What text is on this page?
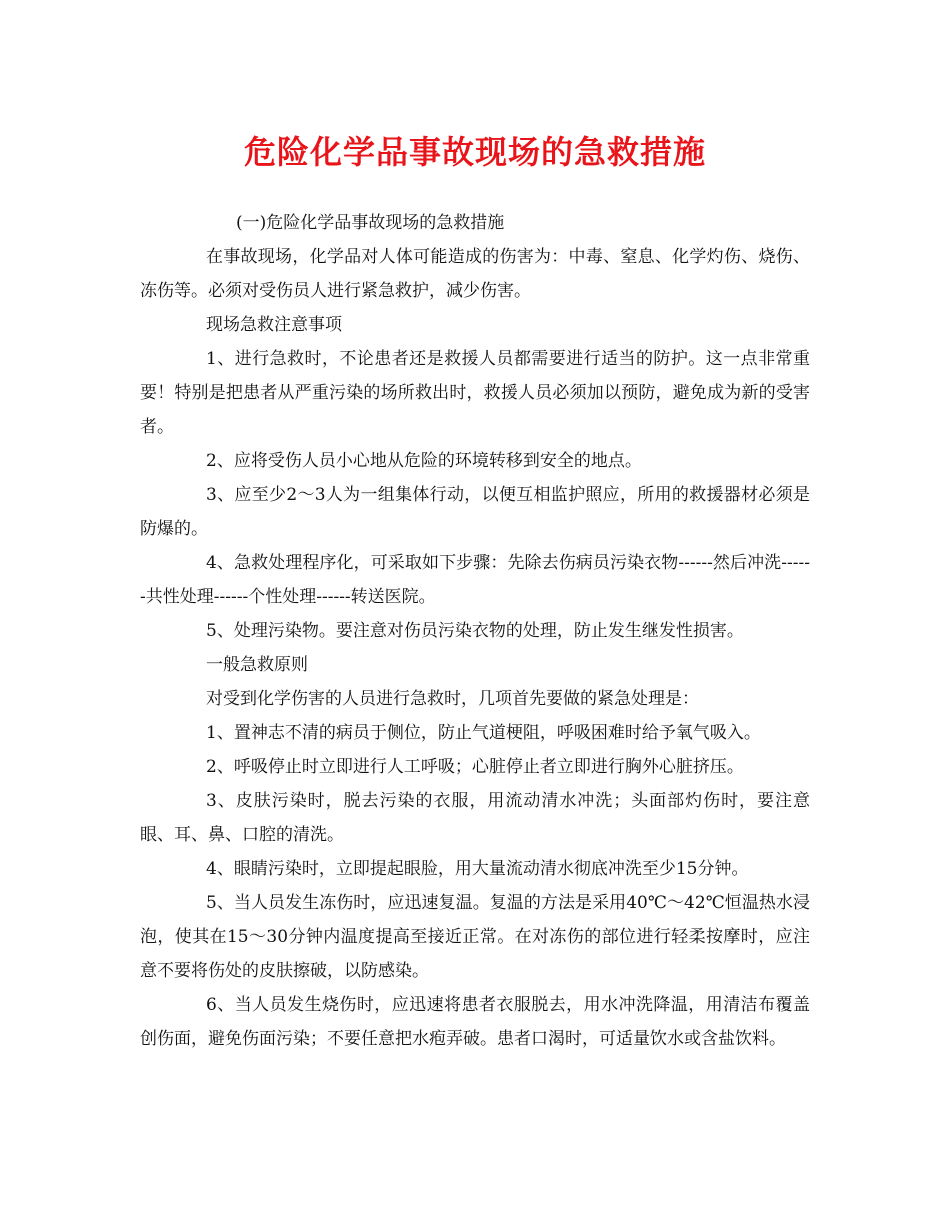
危险化学品事故现场的急救措施

(一)危险化学品事故现场的急救措施

在事故现场，化学品对人体可能造成的伤害为：中毒、窒息、化学灼伤、烧伤、冻伤等。必须对受伤员人进行紧急救护，减少伤害。

现场急救注意事项

1、进行急救时，不论患者还是救援人员都需要进行适当的防护。这一点非常重要！特别是把患者从严重污染的场所救出时，救援人员必须加以预防，避免成为新的受害者。

2、应将受伤人员小心地从危险的环境转移到安全的地点。

3、应至少2～3人为一组集体行动，以便互相监护照应，所用的救援器材必须是防爆的。

4、急救处理程序化，可采取如下步骤：先除去伤病员污染衣物------然后冲洗------共性处理------个性处理------转送医院。

5、处理污染物。要注意对伤员污染衣物的处理，防止发生继发性损害。

一般急救原则

对受到化学伤害的人员进行急救时，几项首先要做的紧急处理是：

1、置神志不清的病员于侧位，防止气道梗阻，呼吸困难时给予氧气吸入。

2、呼吸停止时立即进行人工呼吸；心脏停止者立即进行胸外心脏挤压。

3、皮肤污染时，脱去污染的衣服，用流动清水冲洗；头面部灼伤时，要注意眼、耳、鼻、口腔的清洗。

4、眼睛污染时，立即提起眼脸，用大量流动清水彻底冲洗至少15分钟。

5、当人员发生冻伤时，应迅速复温。复温的方法是采用40℃～42℃恒温热水浸泡，使其在15～30分钟内温度提高至接近正常。在对冻伤的部位进行轻柔按摩时，应注意不要将伤处的皮肤擦破，以防感染。

6、当人员发生烧伤时，应迅速将患者衣服脱去，用水冲洗降温，用清洁布覆盖创伤面，避免伤面污染；不要任意把水疱弄破。患者口渴时，可适量饮水或含盐饮料。
